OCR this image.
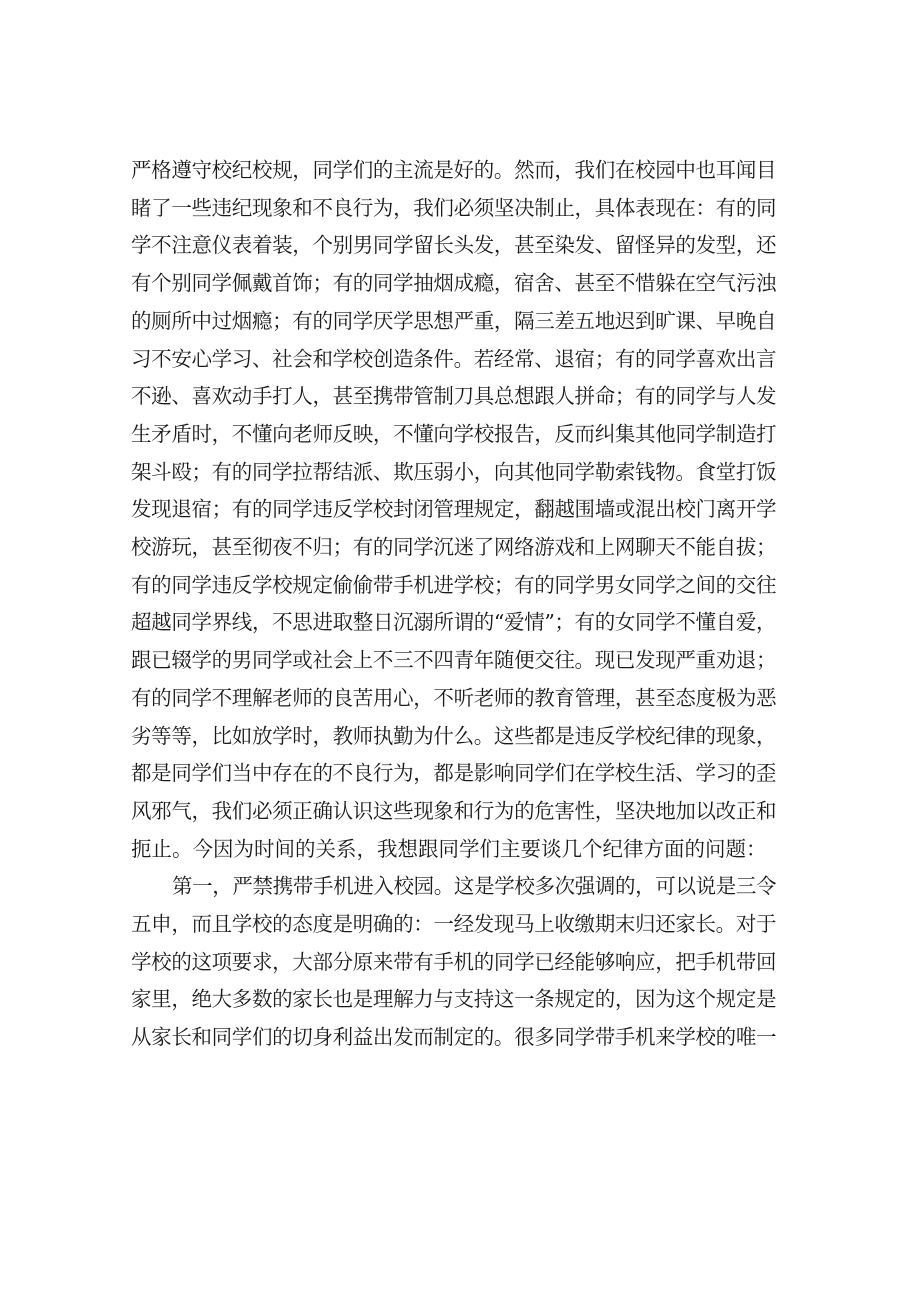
严格遵守校纪校规，同学们的主流是好的。然而，我们在校园中也耳闻目
睹了一些违纪现象和不良行为，我们必须坚决制止，具体表现在：有的同
学不注意仪表着装，个别男同学留长头发，甚至染发、留怪异的发型，还
有个别同学佩戴首饰；有的同学抽烟成瘾，宿舍、甚至不惜躲在空气污浊
的厕所中过烟瘾；有的同学厌学思想严重，隔三差五地迟到旷课、早晚自
习不安心学习、社会和学校创造条件。若经常、退宿；有的同学喜欢出言
不逊、喜欢动手打人，甚至携带管制刀具总想跟人拼命；有的同学与人发
生矛盾时，不懂向老师反映，不懂向学校报告，反而纠集其他同学制造打
架斗殴；有的同学拉帮结派、欺压弱小，向其他同学勒索钱物。食堂打饭
发现退宿；有的同学违反学校封闭管理规定，翻越围墙或混出校门离开学
校游玩，甚至彻夜不归；有的同学沉迷了网络游戏和上网聊天不能自拔；
有的同学违反学校规定偷偷带手机进学校；有的同学男女同学之间的交往
超越同学界线，不思进取整日沉溺所谓的“爱情”；有的女同学不懂自爱，
跟已辍学的男同学或社会上不三不四青年随便交往。现已发现严重劝退；
有的同学不理解老师的良苦用心，不听老师的教育管理，甚至态度极为恶
劣等等，比如放学时，教师执勤为什么。这些都是违反学校纪律的现象，
都是同学们当中存在的不良行为，都是影响同学们在学校生活、学习的歪
风邪气，我们必须正确认识这些现象和行为的危害性，坚决地加以改正和
扼止。今因为时间的关系，我想跟同学们主要谈几个纪律方面的问题：
第一，严禁携带手机进入校园。这是学校多次强调的，可以说是三令
五申，而且学校的态度是明确的：一经发现马上收缴期末归还家长。对于
学校的这项要求，大部分原来带有手机的同学已经能够响应，把手机带回
家里，绝大多数的家长也是理解力与支持这一条规定的，因为这个规定是
从家长和同学们的切身利益出发而制定的。很多同学带手机来学校的唯一
